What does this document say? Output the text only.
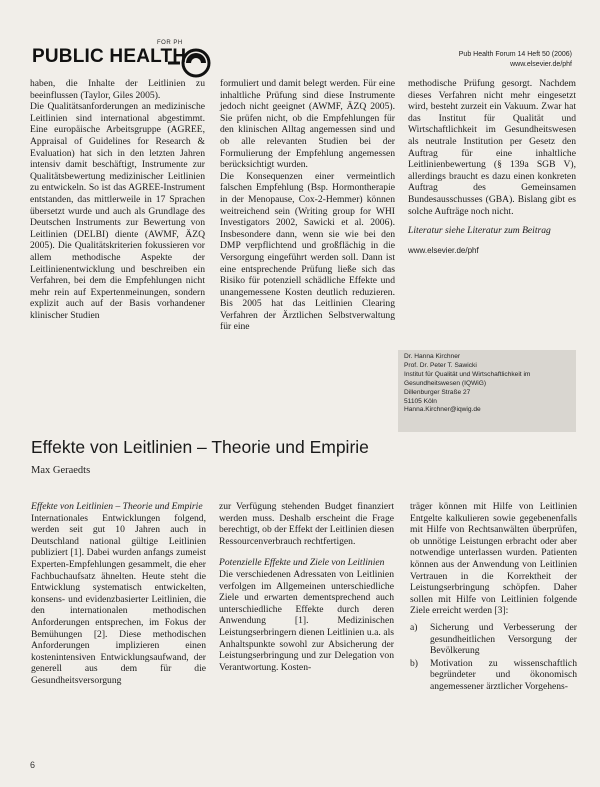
FOR PH
PUBLIC HEALTH	Pub Health Forum 14 Heft 50 (2006)
www.elsevier.de/phf

haben, die Inhalte der Leitlinien zu beeinflussen (Taylor, Giles 2005).

Die Qualitätsanforderungen an medizinische Leitlinien sind international abgestimmt. Eine europäische Arbeitsgruppe (AGREE, Appraisal of Guidelines for Research & Evaluation) hat sich in den letzten Jahren intensiv damit beschäftigt, Instrumente zur Qualitätsbewertung medizinischer Leitlinien zu entwickeln. So ist das AGREE-Instrument entstanden, das mittlerweile in 17 Sprachen übersetzt wurde und auch als Grundlage des Deutschen Instruments zur Bewertung von Leitlinien (DELBI) diente (AWMF, ÄZQ 2005). Die Qualitätskriterien fokussieren vor allem methodische Aspekte der Leitlinienentwicklung und beschreiben ein Verfahren, bei dem die Empfehlungen nicht mehr rein auf Expertenmeinungen, sondern explizit auch auf der Basis vorhandener klinischer Studien

formuliert und damit belegt werden. Für eine inhaltliche Prüfung sind diese Instrumente jedoch nicht geeignet (AWMF, ÄZQ 2005). Sie prüfen nicht, ob die Empfehlungen für den klinischen Alltag angemessen sind und ob alle relevanten Studien bei der Formulierung der Empfehlung angemessen berücksichtigt wurden.

Die Konsequenzen einer vermeintlich falschen Empfehlung (Bsp. Hormontherapie in der Menopause, Cox-2-Hemmer) können weitreichend sein (Writing group for WHI Investigators 2002, Sawicki et al. 2006). Insbesondere dann, wenn sie wie bei den DMP verpflichtend und großflächig in die Versorgung eingeführt werden soll. Dann ist eine entsprechende Prüfung ließe sich das Risiko für potenziell schädliche Effekte und unangemessene Kosten deutlich reduzieren. Bis 2005 hat das Leitlinien Clearing Verfahren der Ärztlichen Selbstverwaltung für eine

methodische Prüfung gesorgt. Nachdem dieses Verfahren nicht mehr eingesetzt wird, besteht zurzeit ein Vakuum. Zwar hat das Institut für Qualität und Wirtschaftlichkeit im Gesundheitswesen als neutrale Institution per Gesetz den Auftrag für eine inhaltliche Leitlinienbewertung (§ 139a SGB V), allerdings braucht es dazu einen konkreten Auftrag des Gemeinsamen Bundesausschusses (GBA). Bislang gibt es solche Aufträge noch nicht.

Literatur siehe Literatur zum Beitrag

www.elsevier.de/phf

Dr. Hanna Kirchner

Prof. Dr. Peter T. Sawicki

Institut für Qualität und Wirtschaftlichkeit im Gesundheitswesen (IQWiG)

Dillenburger Straße 27

51105 Köln

Hanna.Kirchner@iqwig.de

Effekte von Leitlinien – Theorie und Empirie
Max Geraedts

Effekte von Leitlinien – Theorie und Empirie

Internationales Entwicklungen folgend, werden seit gut 10 Jahren auch in Deutschland national gültige Leitlinien publiziert [1]. Dabei wurden anfangs zumeist Experten-Empfehlungen gesammelt, die eher Fachbuchaufsatz ähnelten. Heute steht die Entwicklung systematisch entwickelten, konsens- und evidenzbasierter Leitlinien, die den internationalen methodischen Anforderungen entsprechen, im Fokus der Bemühungen [2]. Diese methodischen Anforderungen implizieren einen kostenintensiven Entwicklungsaufwand, der generell aus dem für die Gesundheitsversorgung

zur Verfügung stehenden Budget finanziert werden muss. Deshalb erscheint die Frage berechtigt, ob der Effekt der Leitlinien diesen Ressourcenverbrauch rechtfertigen.

Potenzielle Effekte und Ziele von Leitlinien

Die verschiedenen Adressaten von Leitlinien verfolgen im Allgemeinen unterschiedliche Ziele und erwarten dementsprechend auch unterschiedliche Effekte durch deren Anwendung [1]. Medizinischen Leistungserbringern dienen Leitlinien u.a. als Anhaltspunkte sowohl zur Absicherung der Leistungserbringung und zur Delegation von Verantwortung. Kosten-

träger können mit Hilfe von Leitlinien Entgelte kalkulieren sowie gegebenenfalls mit Hilfe von Rechtsanwälten überprüfen, ob unnötige Leistungen erbracht oder aber notwendige unterlassen wurden. Patienten können aus der Anwendung von Leitlinien Vertrauen in die Korrektheit der Leistungserbringung schöpfen. Daher sollen mit Hilfe von Leitlinien folgende Ziele erreicht werden [3]:

a) Sicherung und Verbesserung der gesundheitlichen Versorgung der Bevölkerung
b) Motivation zu wissenschaftlich begründeter und ökonomisch angemessener ärztlicher Vorgehens-
6
